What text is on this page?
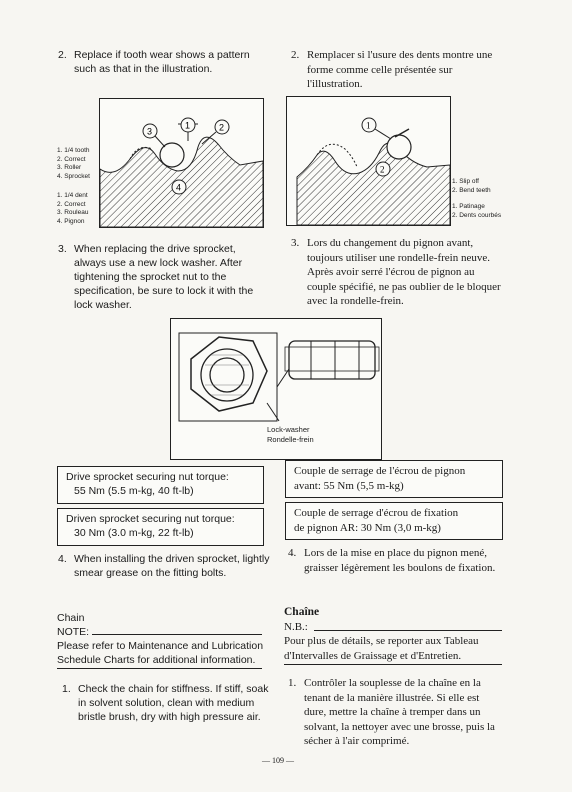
2. Replace if tooth wear shows a pattern such as that in the illustration.
3
1	2
4
1. 1/4 tooth
2. Correct
3. Roller
4. Sprocket
1. 1/4 dent
2. Correct
3. Rouleau
4. Pignon
3. When replacing the drive sprocket, always use a new lock washer. After tightening the sprocket nut to the specification, be sure to lock it with the lock washer.
2. Remplacer si l'usure des dents montre une forme comme celle présentée sur l'illustration.
1
2
1. Slip off
2. Bend teeth
1. Patinage
2. Dents courbés
3. Lors du changement du pignon avant, toujours utiliser une rondelle-frein neuve. Après avoir serré l'écrou de pignon au couple spécifié, ne pas oublier de le bloquer avec la rondelle-frein.
Lock-washer
Rondelle-frein
Drive sprocket securing nut torque:
55 Nm (5.5 m-kg, 40 ft-lb)
Driven sprocket securing nut torque:
30 Nm (3.0 m-kg, 22 ft-lb)
Couple de serrage de l'écrou de pignon
avant: 55 Nm (5,5 m-kg)
Couple de serrage d'écrou de fixation
de pignon AR: 30 Nm (3,0 m-kg)
4. When installing the driven sprocket, lightly smear grease on the fitting bolts.
4. Lors de la mise en place du pignon mené, graisser légèrement les boulons de fixation.
Chain
NOTE:
Please refer to Maintenance and Lubrication Schedule Charts for additional information.
Chaîne
N.B.:
Pour plus de détails, se reporter aux Tableau d'Intervalles de Graissage et d'Entretien.
1. Check the chain for stiffness. If stiff, soak in solvent solution, clean with medium bristle brush, dry with high pressure air.
1. Contrôler la souplesse de la chaîne en la tenant de la manière illustrée. Si elle est dure, mettre la chaîne à tremper dans un solvant, la nettoyer avec une brosse, puis la sécher à l'air comprimé.
— 109 —
